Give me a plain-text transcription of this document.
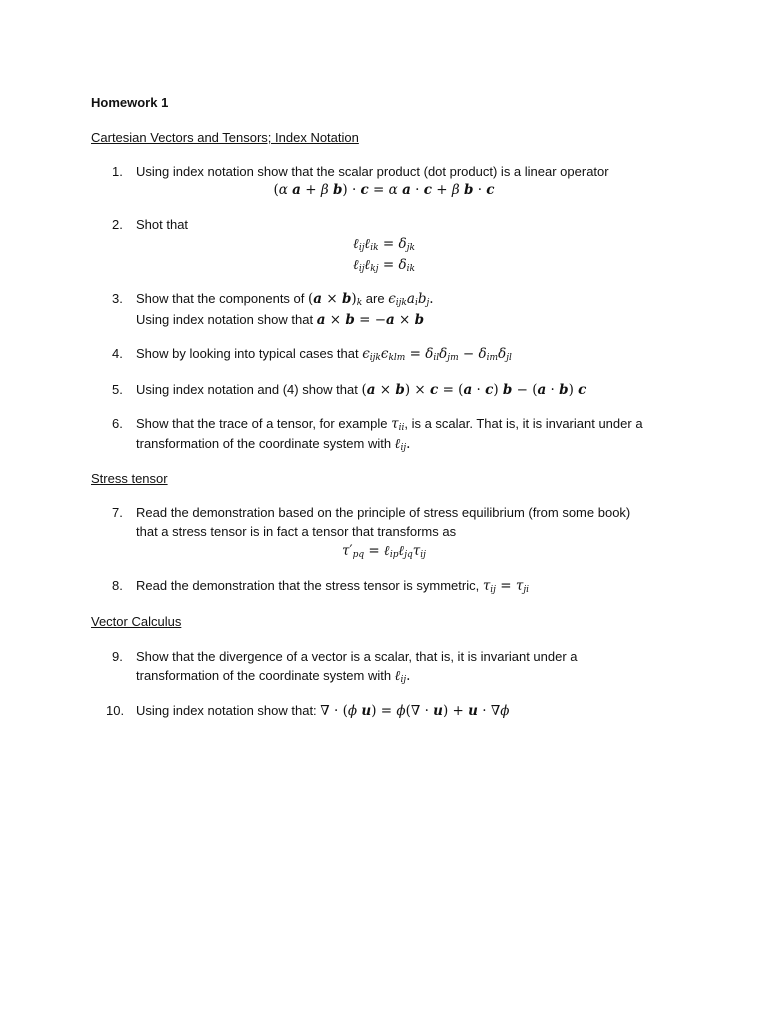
Homework 1
Cartesian Vectors and Tensors; Index Notation
1. Using index notation show that the scalar product (dot product) is a linear operator
(α a + β b) · c = α a · c + β b · c
2. Shot that
ℓ$_{ij}$ℓ$_{ik}$ = $\delta_{jk}$
ℓ$_{ij}$ℓ$_{kj}$ = $\delta_{ik}$
3. Show that the components of $(a \times b)_k$ are $\epsilon_{ijk}a_ib_j$.
Using index notation show that a × b = −a × b
4. Show by looking into typical cases that $\epsilon_{ijk}\epsilon_{klm} = \delta_{il}\delta_{jm} - \delta_{im}\delta_{jl}$
5. Using index notation and (4) show that (a × b) × c = (a · c) b − (a · b) c
6. Show that the trace of a tensor, for example $\tau_{ii}$, is a scalar. That is, it is invariant under a
transformation of the coordinate system with ℓ$_{ij}$.
Stress tensor
7. Read the demonstration based on the principle of stress equilibrium (from some book)
that a stress tensor is in fact a tensor that transforms as
$\tau'_{pq}$ = $\ell_{ip}\ell_{jq}\tau_{ij}$
8. Read the demonstration that the stress tensor is symmetric, $\tau_{ij} = \tau_{ji}$
Vector Calculus
9. Show that the divergence of a vector is a scalar, that is, it is invariant under a
transformation of the coordinate system with ℓ$_{ij}$.
10. Using index notation show that: ∇ · (ϕ u) = ϕ(∇ · u) + u · ∇ϕ
